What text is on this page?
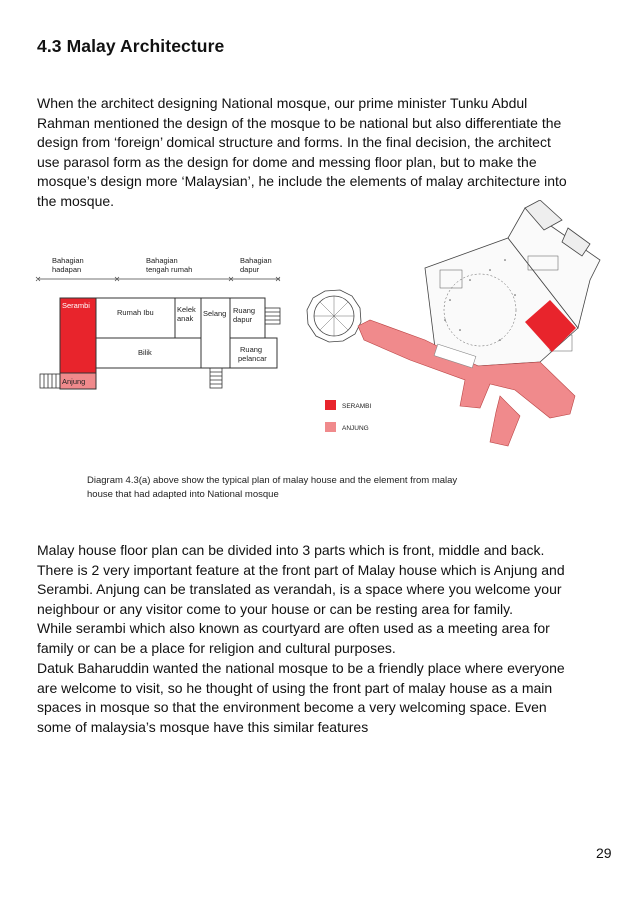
4.3 Malay Architecture

When the architect designing National mosque, our prime minister Tunku Abdul
Rahman mentioned the design of the mosque to be national but also differentiate the
design from ‘foreign’ domical structure and forms. In the final decision, the architect
use parasol form as the design for dome and messing floor plan, but to make the
mosque’s design more ‘Malaysian’, he include the elements of malay architecture into
the mosque.

Bahagian
hadapan
Bahagian
tengah rumah
Bahagian
dapur
Serambi
Anjung
Rumah Ibu	Kelek
anak
Selang Ruang
dapur
Bilik	Ruang
pelancar
SERAMBI
ANJUNG
Diagram 4.3(a) above show the typical plan of malay house and the element from malay
house that had adapted into National mosque

Malay house floor plan can be divided into 3 parts which is front, middle and back.
There is 2 very important feature at the front part of Malay house which is Anjung and
Serambi. Anjung can be translated as verandah, is a space where you welcome your
neighbour or any visitor come to your house or can be resting area for family.
While serambi which also known as courtyard are often used as a meeting area for
family or can be a place for religion and cultural purposes.

Datuk Baharuddin wanted the national mosque to be a friendly place where everyone
are welcome to visit, so he thought of using the front part of malay house as a main
spaces in mosque so that the environment become a very welcoming space. Even
some of malaysia’s mosque have this similar features

29
